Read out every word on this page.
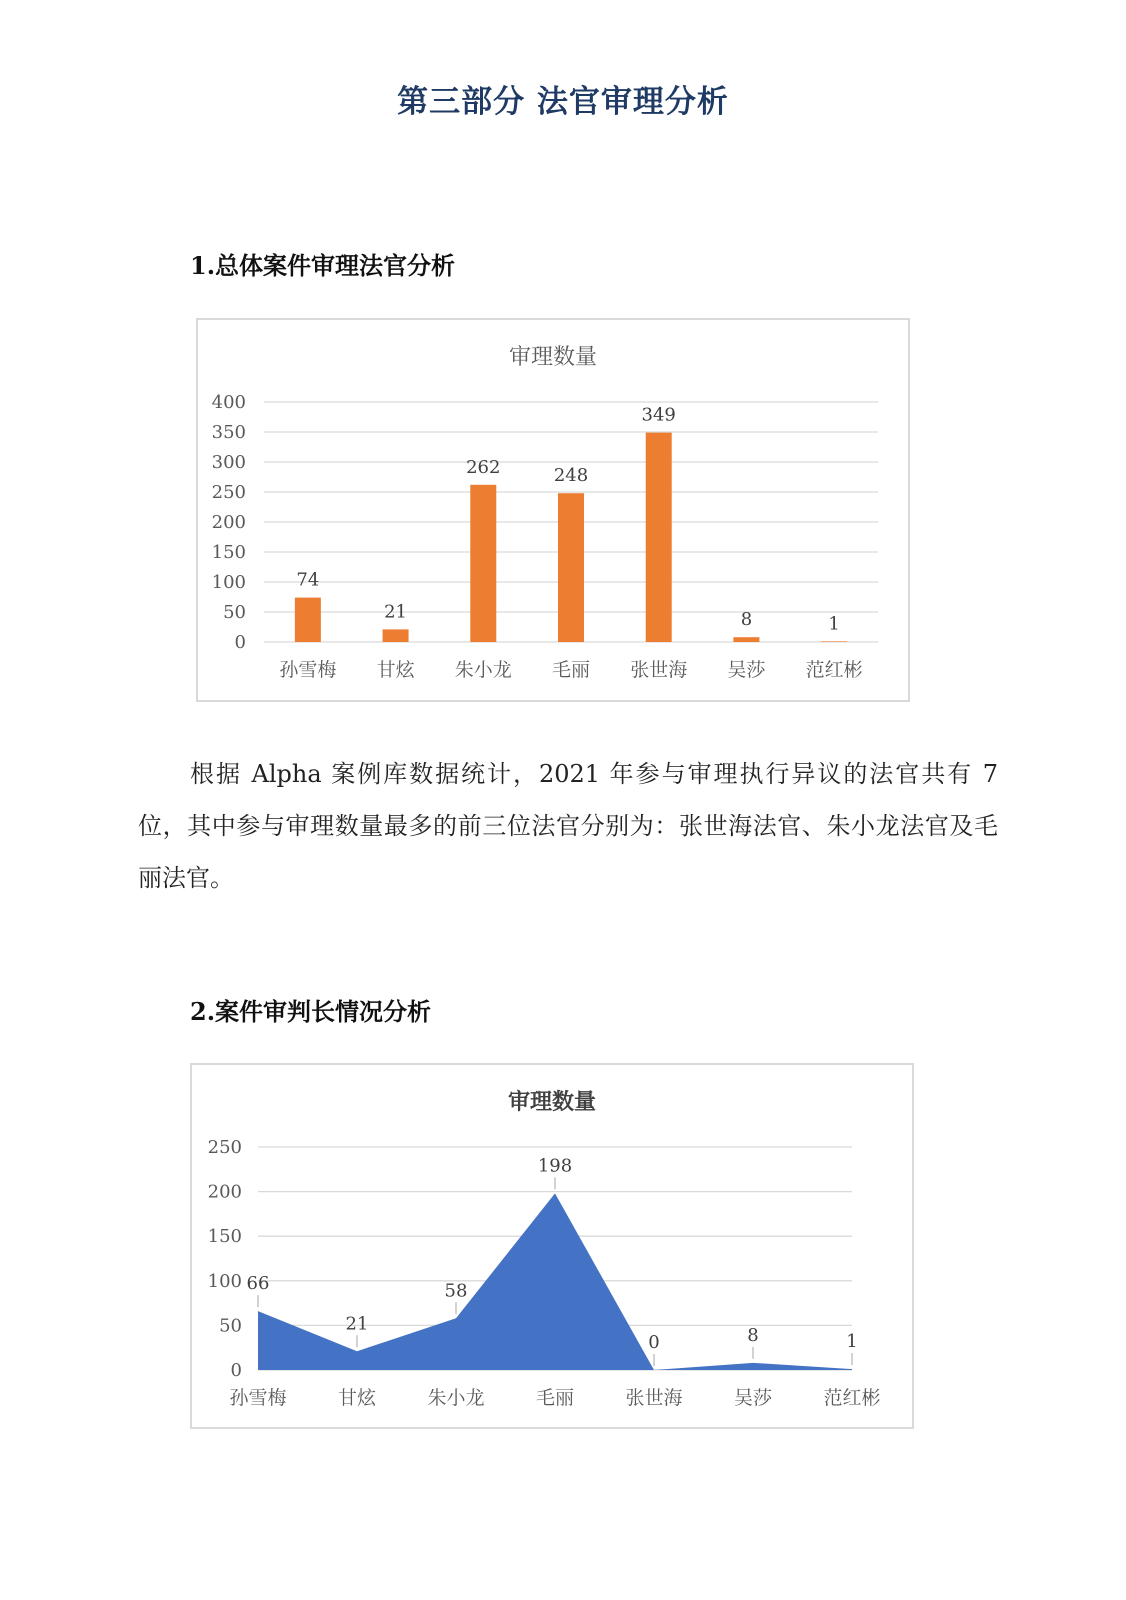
第三部分 法官审理分析
1.总体案件审理法官分析
审理数量
0
50
100
150
200
250
300
350
400
74
孙雪梅
21
甘炫
262
朱小龙
248
毛丽
349
张世海
8
吴莎
1
范红彬
根据 Alpha 案例库数据统计，2021 年参与审理执行异议的法官共有 7 位，其中参与审理数量最多的前三位法官分别为：张世海法官、朱小龙法官及毛丽法官。
2.案件审判长情况分析
审理数量
0
50
100
150
200
250
66
孙雪梅
21
甘炫
58
朱小龙
198
毛丽
0
张世海
8
吴莎
1
范红彬
